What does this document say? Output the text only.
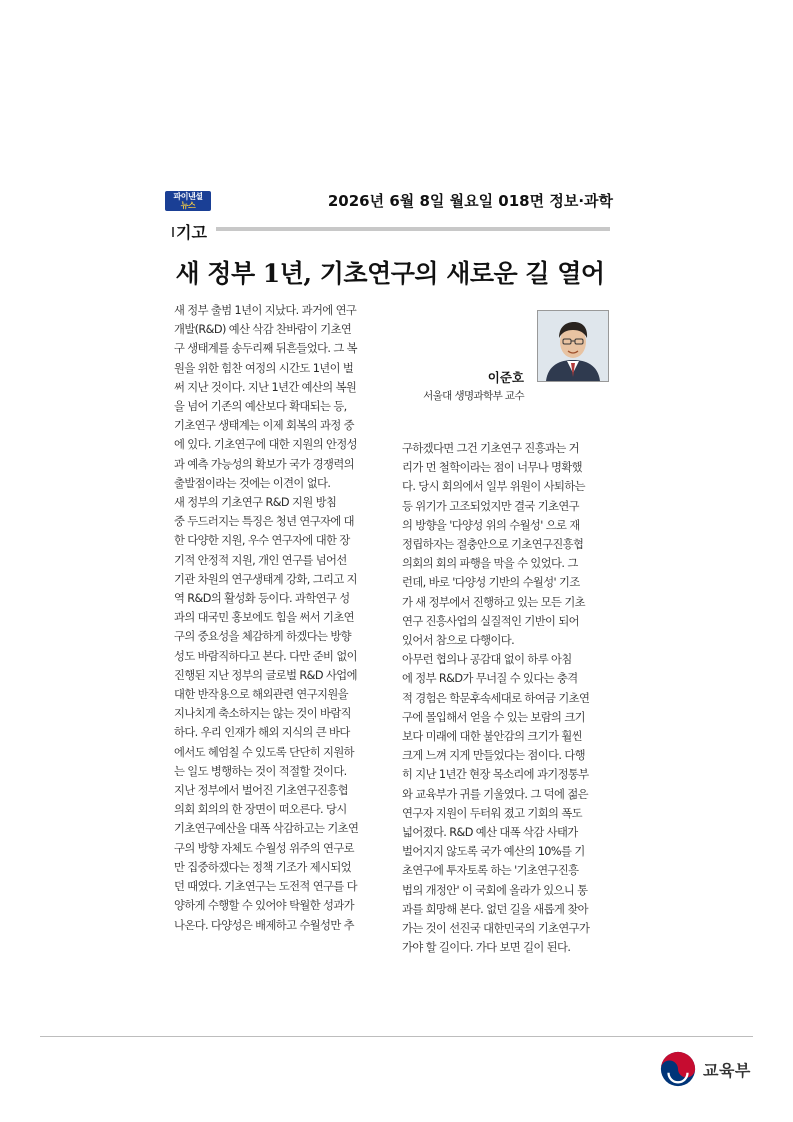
파이낸셜
뉴스	2026년 6월 8일 월요일 018면 정보·과학
기고
새 정부 1년, 기초연구의 새로운 길 열어
새 정부 출범 1년이 지났다. 과거에 연구
개발(R&D) 예산 삭감 찬바람이 기초연
구 생태계를 송두리째 뒤흔들었다. 그 복
원을 위한 힘찬 여정의 시간도 1년이 벌
써 지난 것이다. 지난 1년간 예산의 복원
을 넘어 기존의 예산보다 확대되는 등,
기초연구 생태계는 이제 회복의 과정 중
에 있다. 기초연구에 대한 지원의 안정성
과 예측 가능성의 확보가 국가 경쟁력의
출발점이라는 것에는 이견이 없다.
새 정부의 기초연구 R&D 지원 방침
중 두드러지는 특징은 청년 연구자에 대
한 다양한 지원, 우수 연구자에 대한 장
기적 안정적 지원, 개인 연구를 넘어선
기관 차원의 연구생태계 강화, 그리고 지
역 R&D의 활성화 등이다. 과학연구 성
과의 대국민 홍보에도 힘을 써서 기초연
구의 중요성을 체감하게 하겠다는 방향
성도 바람직하다고 본다. 다만 준비 없이
진행된 지난 정부의 글로벌 R&D 사업에
대한 반작용으로 해외관련 연구지원을
지나치게 축소하지는 않는 것이 바람직
하다. 우리 인재가 해외 지식의 큰 바다
에서도 헤엄칠 수 있도록 단단히 지원하
는 일도 병행하는 것이 적절할 것이다.
지난 정부에서 벌어진 기초연구진흥협
의회 회의의 한 장면이 떠오른다. 당시
기초연구예산을 대폭 삭감하고는 기초연
구의 방향 자체도 수월성 위주의 연구로
만 집중하겠다는 정책 기조가 제시되었
던 때였다. 기초연구는 도전적 연구를 다
양하게 수행할 수 있어야 탁월한 성과가
나온다. 다양성은 배제하고 수월성만 추
이준호
서울대 생명과학부 교수
구하겠다면 그건 기초연구 진흥과는 거
리가 먼 철학이라는 점이 너무나 명확했
다. 당시 회의에서 일부 위원이 사퇴하는
등 위기가 고조되었지만 결국 기초연구
의 방향을 '다양성 위의 수월성' 으로 재
정립하자는 절충안으로 기초연구진흥협
의회의 회의 파행을 막을 수 있었다. 그
런데, 바로 '다양성 기반의 수월성' 기조
가 새 정부에서 진행하고 있는 모든 기초
연구 진흥사업의 실질적인 기반이 되어
있어서 참으로 다행이다.
아무런 협의나 공감대 없이 하루 아침
에 정부 R&D가 무너질 수 있다는 충격
적 경험은 학문후속세대로 하여금 기초연
구에 몰입해서 얻을 수 있는 보람의 크기
보다 미래에 대한 불안감의 크기가 훨씬
크게 느껴 지게 만들었다는 점이다. 다행
히 지난 1년간 현장 목소리에 과기정통부
와 교육부가 귀를 기울였다. 그 덕에 젊은
연구자 지원이 두터워 졌고 기회의 폭도
넓어졌다. R&D 예산 대폭 삭감 사태가
벌어지지 않도록 국가 예산의 10%를 기
초연구에 투자토록 하는 '기초연구진흥
법의 개정안' 이 국회에 올라가 있으니 통
과를 희망해 본다. 없던 길을 새롭게 찾아
가는 것이 선진국 대한민국의 기초연구가
가야 할 길이다. 가다 보면 길이 된다.
교육부
